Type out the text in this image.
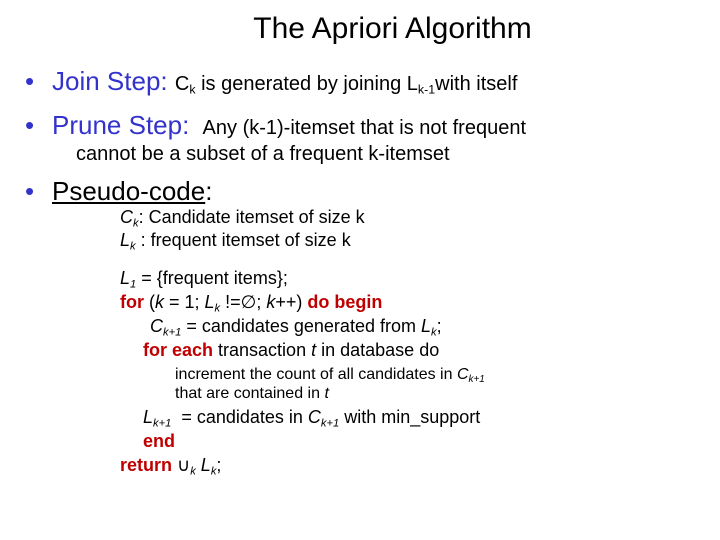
The Apriori Algorithm
• Join Step: $C_k$ is generated by joining $L_{k-1}with$ itself
• Prune Step: Any (k-1)-itemset that is not frequent
cannot be a subset of a frequent k-itemset
• Pseudo-code:
$C_k$: Candidate itemset of size k
$L_k$ : frequent itemset of size k
$L_1$ = {frequent items};
for (k = 1; $L_k$ !=∅; k++) do begin
$C_{k+1}$ = candidates generated from $L_k$;
for each transaction t in database do
increment the count of all candidates in $C_{k+1}$
that are contained in t
$L_{k+1}$  = candidates in $C_{k+1}$ with min_support
end
return $\cup_k$ $L_k$;
